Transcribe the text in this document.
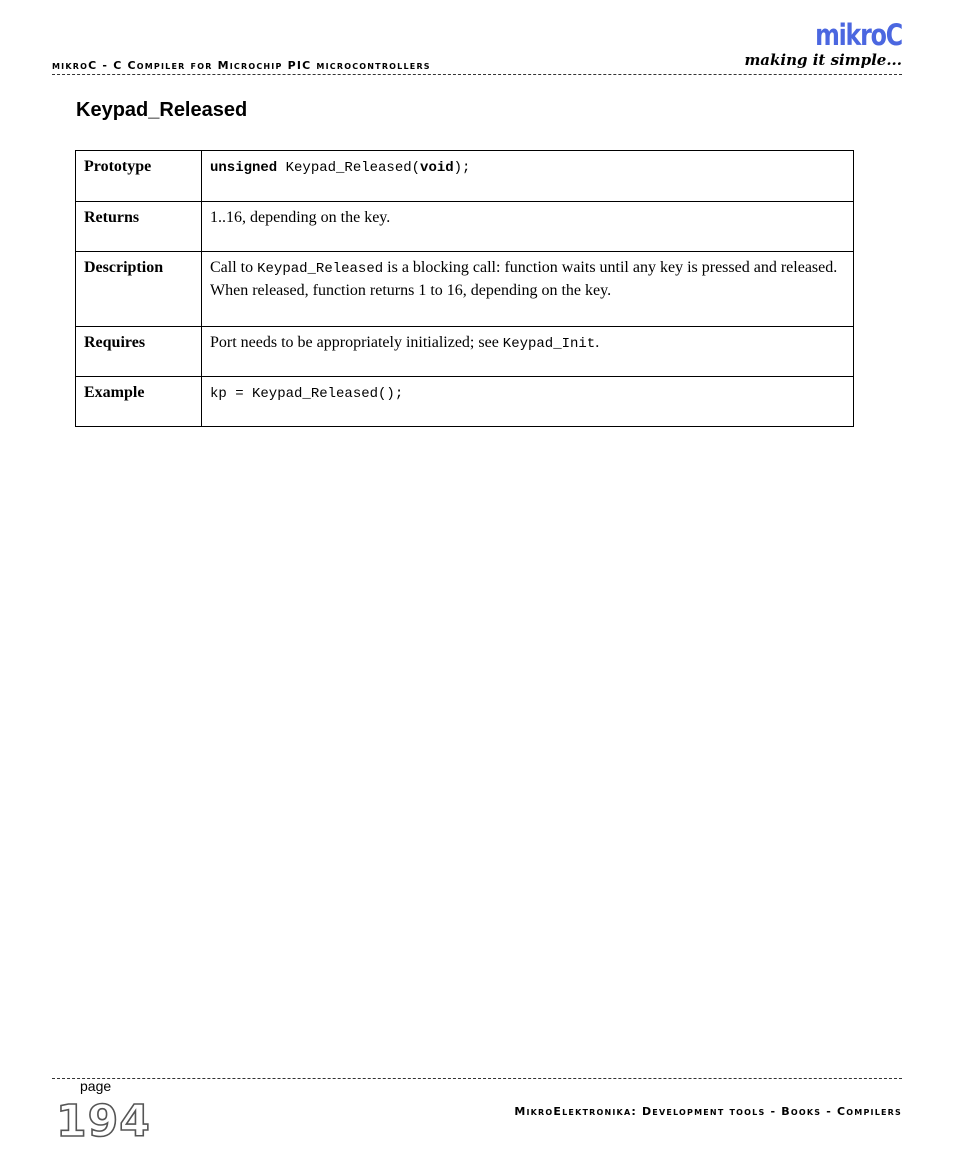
mikroC - C Compiler for Microchip PIC microcontrollers
mikroC
making it simple...
Keypad_Released
Prototype	unsigned Keypad_Released(void);
Returns	1..16, depending on the key.
Description	Call to Keypad_Released is a blocking call: function waits until any key is pressed and released. When released, function returns 1 to 16, depending on the key.
Requires	Port needs to be appropriately initialized; see Keypad_Init.
Example	kp = Keypad_Released();
page
194	MikroElektronika: Development tools - Books - Compilers
